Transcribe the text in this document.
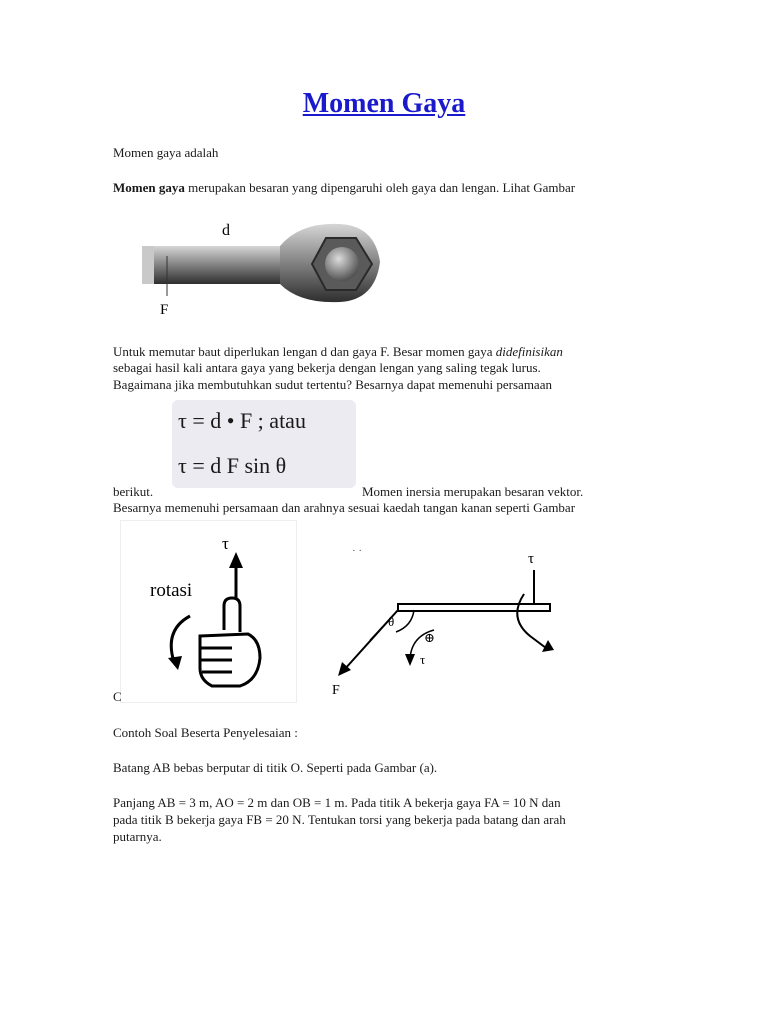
Momen Gaya
Momen gaya adalah
Momen gaya merupakan besaran yang dipengaruhi oleh gaya dan lengan. Lihat Gambar
d
F
Untuk memutar baut diperlukan lengan d dan gaya F. Besar momen gaya didefinisikan
sebagai hasil kali antara gaya yang bekerja dengan lengan yang saling tegak lurus.
Bagaimana jika membutuhkan sudut tertentu? Besarnya dapat memenuhi persamaan
τ = d • F ; atau
τ = d F sin θ
berikut.	Momen inersia merupakan besaran vektor.
Besarnya memenuhi persamaan dan arahnya sesuai kaedah tangan kanan seperti Gambar
τ
rotasi
C
· ·	τ
θ
⊕
τ
F
Contoh Soal Beserta Penyelesaian :
Batang AB bebas berputar di titik O. Seperti pada Gambar (a).
Panjang AB = 3 m, AO = 2 m dan OB = 1 m. Pada titik A bekerja gaya FA = 10 N dan
pada titik B bekerja gaya FB = 20 N. Tentukan torsi yang bekerja pada batang dan arah
putarnya.
